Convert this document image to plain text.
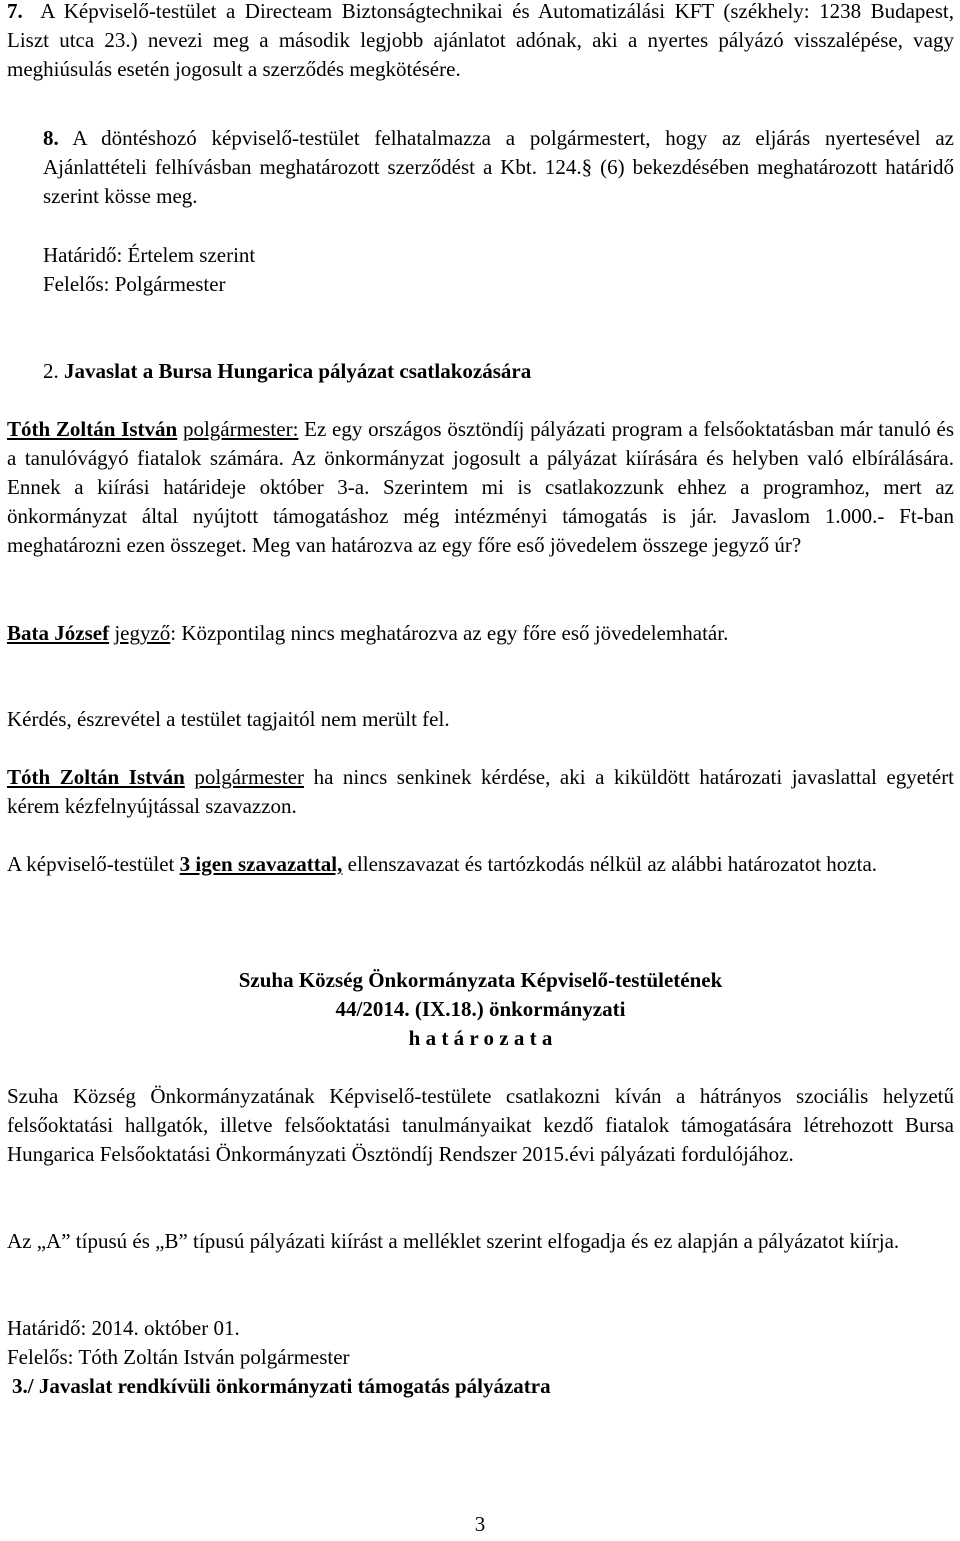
7. A Képviselő-testület a Directeam Biztonságtechnikai és Automatizálási KFT (székhely: 1238 Budapest, Liszt utca 23.) nevezi meg a második legjobb ajánlatot adónak, aki a nyertes pályázó visszalépése, vagy meghiúsulás esetén jogosult a szerződés megkötésére.

8. A döntéshozó képviselő-testület felhatalmazza a polgármestert, hogy az eljárás nyertesével az Ajánlattételi felhívásban meghatározott szerződést a Kbt. 124.§ (6) bekezdésében meghatározott határidő szerint kösse meg.

Határidő: Értelem szerint

Felelős: Polgármester

2. Javaslat a Bursa Hungarica pályázat csatlakozására

Tóth Zoltán István polgármester: Ez egy országos ösztöndíj pályázati program a felsőoktatásban már tanuló és a tanulóvágyó fiatalok számára. Az önkormányzat jogosult a pályázat kiírására és helyben való elbírálására. Ennek a kiírási határideje október 3-a. Szerintem mi is csatlakozzunk ehhez a programhoz, mert az önkormányzat által nyújtott támogatáshoz még intézményi támogatás is jár. Javaslom 1.000.- Ft-ban meghatározni ezen összeget. Meg van határozva az egy főre eső jövedelem összege jegyző úr?

Bata József jegyző: Központilag nincs meghatározva az egy főre eső jövedelemhatár.

Kérdés, észrevétel a testület tagjaitól nem merült fel.

Tóth Zoltán István polgármester ha nincs senkinek kérdése, aki a kiküldött határozati javaslattal egyetért kérem kézfelnyújtással szavazzon.

A képviselő-testület 3 igen szavazattal, ellenszavazat és tartózkodás nélkül az alábbi határozatot hozta.

Szuha Község Önkormányzata Képviselő-testületének

44/2014. (IX.18.) önkormányzati

h a t á r o z a t a

Szuha Község Önkormányzatának Képviselő-testülete csatlakozni kíván a hátrányos szociális helyzetű felsőoktatási hallgatók, illetve felsőoktatási tanulmányaikat kezdő fiatalok támogatására létrehozott Bursa Hungarica Felsőoktatási Önkormányzati Ösztöndíj Rendszer 2015.évi pályázati fordulójához.

Az „A” típusú és „B” típusú pályázati kiírást a melléklet szerint elfogadja és ez alapján a pályázatot kiírja.

Határidő: 2014. október 01.

Felelős: Tóth Zoltán István polgármester

3./ Javaslat rendkívüli önkormányzati támogatás pályázatra

3
